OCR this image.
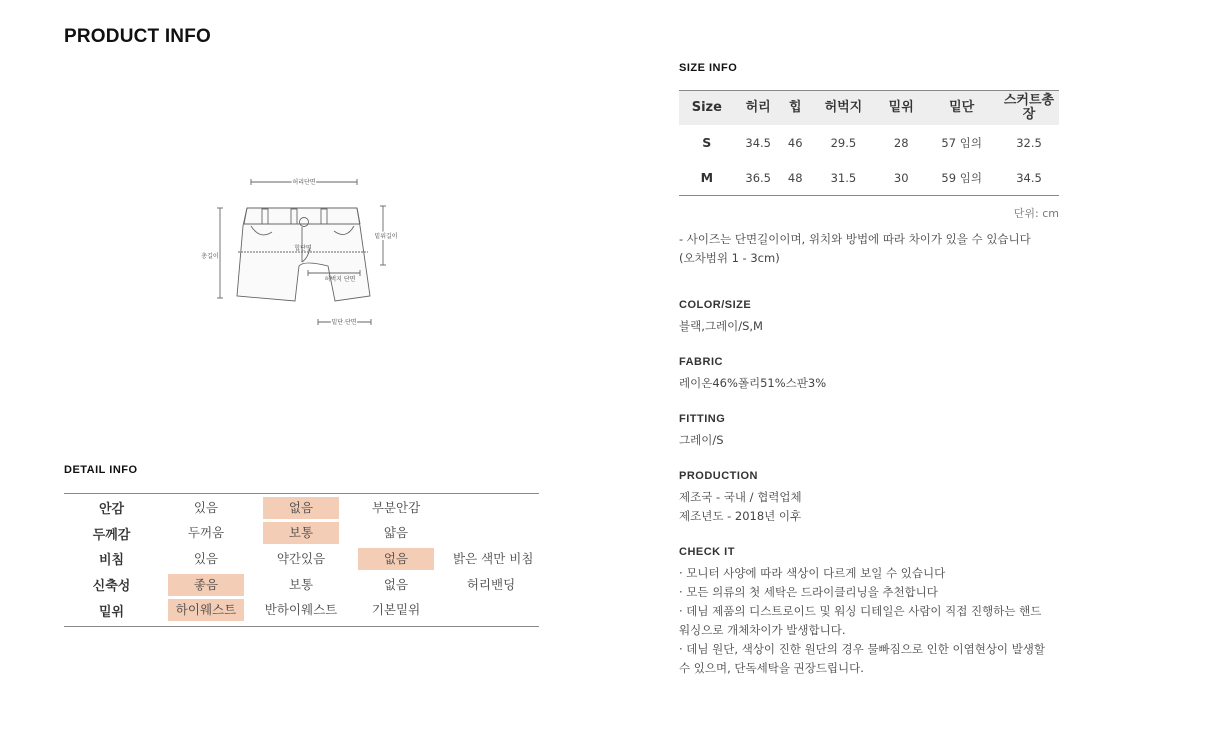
PRODUCT INFO
허리단면
총길이
힙단면
밑위길이
허벅지 단면
밑단 단면
DETAIL INFO
안감	있음	없음	부분안감
두께감	두꺼움	보통	얇음
비침	있음	약간있음	없음	밝은 색만 비침
신축성	좋음	보통	없음	허리밴딩
밑위	하이웨스트	반하이웨스트	기본밑위
SIZE INFO
Size	허리	힙	허벅지	밑위	밑단	스커트총장
S	34.5	46	29.5	28	57 임의	32.5
M	36.5	48	31.5	30	59 임의	34.5
단위: cm
- 사이즈는 단면길이이며, 위치와 방법에 따라 차이가 있을 수 있습니다
(오차범위 1 - 3cm)
COLOR/SIZE
블랙,그레이/S,M
FABRIC
레이온46%폴리51%스판3%
FITTING
그레이/S
PRODUCTION
제조국 - 국내 / 협력업체
제조년도 - 2018년 이후
CHECK IT
· 모니터 사양에 따라 색상이 다르게 보일 수 있습니다
· 모든 의류의 첫 세탁은 드라이클리닝을 추천합니다
· 데님 제품의 디스트로이드 및 워싱 디테일은 사람이 직접 진행하는 핸드
워싱으로 개체차이가 발생합니다.
· 데님 원단, 색상이 진한 원단의 경우 물빠짐으로 인한 이염현상이 발생할
수 있으며, 단독세탁을 권장드립니다.
